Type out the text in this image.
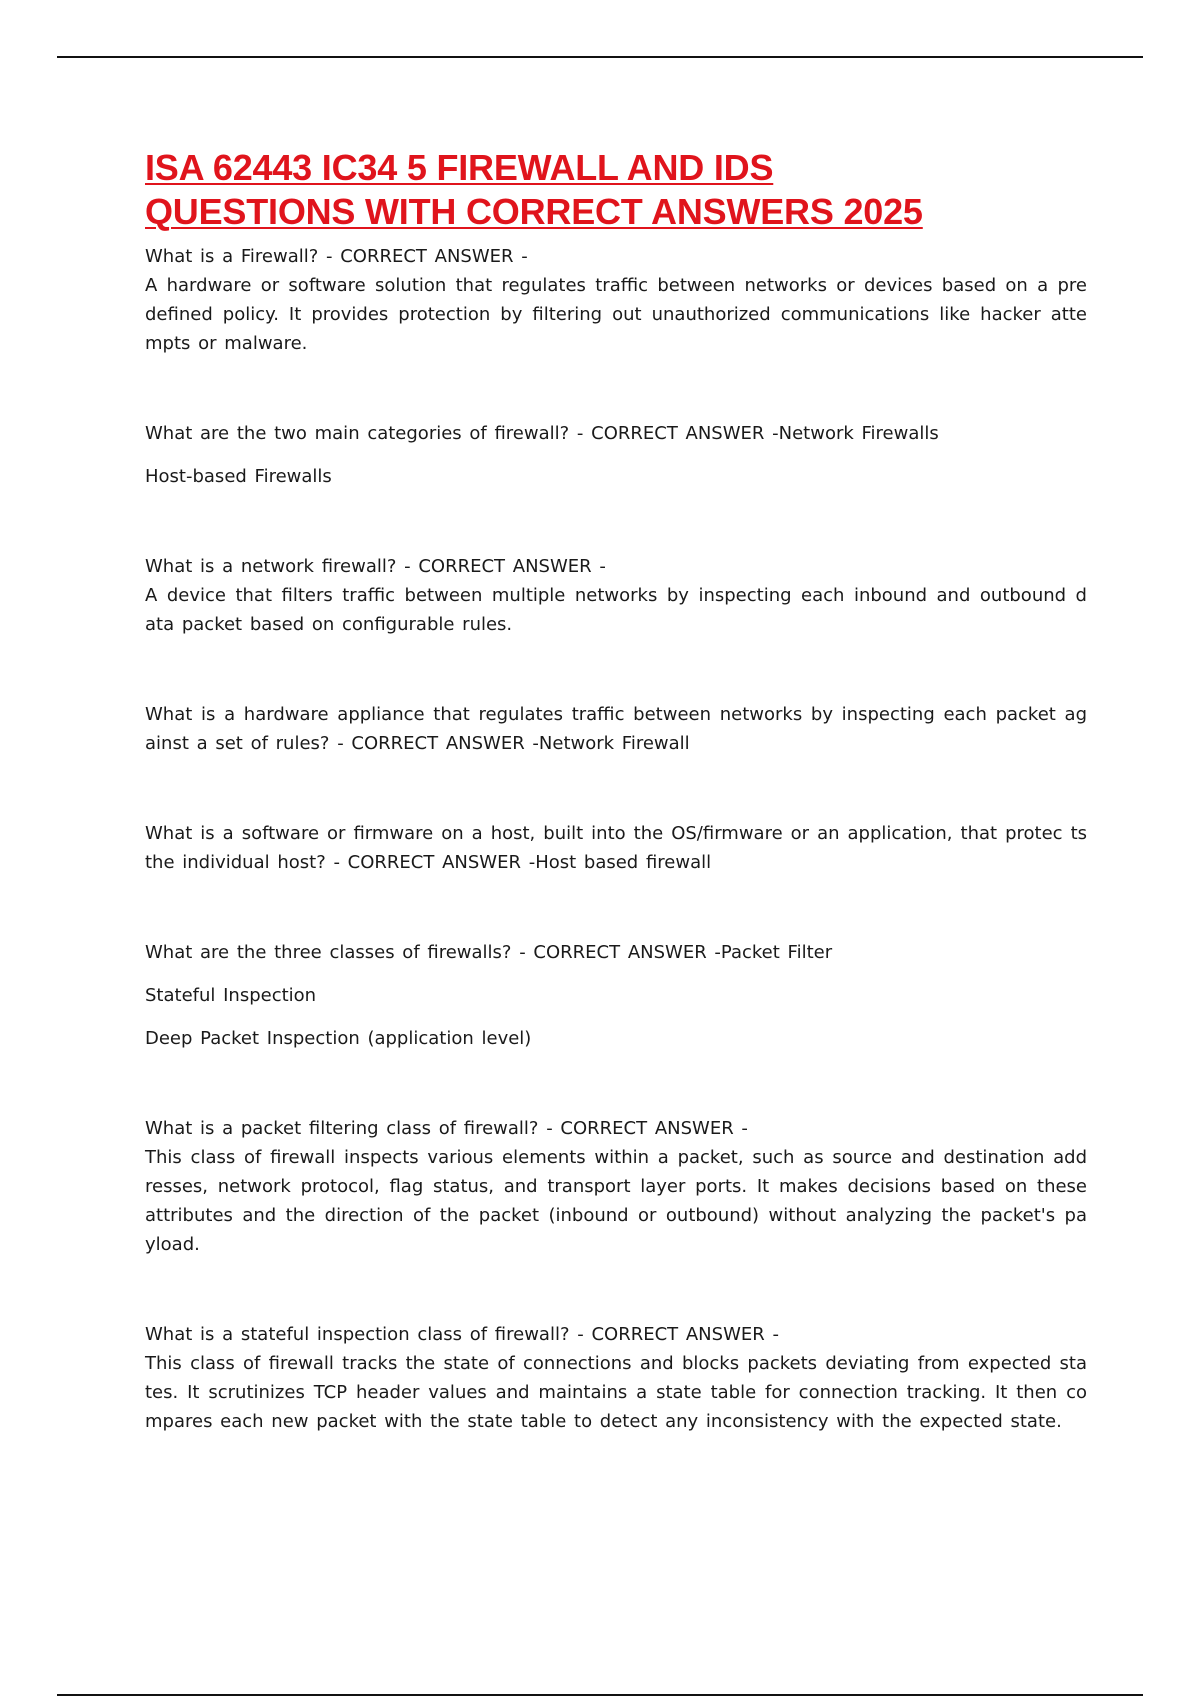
ISA 62443 IC34 5 FIREWALL AND IDS
QUESTIONS WITH CORRECT ANSWERS 2025

What is a Firewall? - CORRECT ANSWER -

A hardware or software solution that regulates traffic between networks or devices based on a pre defined policy. It provides protection by filtering out unauthorized communications like hacker atte mpts or malware.

What are the two main categories of firewall? - CORRECT ANSWER -Network Firewalls

Host-based Firewalls

What is a network firewall? - CORRECT ANSWER -

A device that filters traffic between multiple networks by inspecting each inbound and outbound d ata packet based on configurable rules.

What is a hardware appliance that regulates traffic between networks by inspecting each packet ag ainst a set of rules? - CORRECT ANSWER -Network Firewall

What is a software or firmware on a host, built into the OS/firmware or an application, that protec ts the individual host? - CORRECT ANSWER -Host based firewall

What are the three classes of firewalls? - CORRECT ANSWER -Packet Filter

Stateful Inspection

Deep Packet Inspection (application level)

What is a packet filtering class of firewall? - CORRECT ANSWER -

This class of firewall inspects various elements within a packet, such as source and destination add resses, network protocol, flag status, and transport layer ports. It makes decisions based on these attributes and the direction of the packet (inbound or outbound) without analyzing the packet's pa yload.

What is a stateful inspection class of firewall? - CORRECT ANSWER -

This class of firewall tracks the state of connections and blocks packets deviating from expected sta tes. It scrutinizes TCP header values and maintains a state table for connection tracking. It then co mpares each new packet with the state table to detect any inconsistency with the expected state.
